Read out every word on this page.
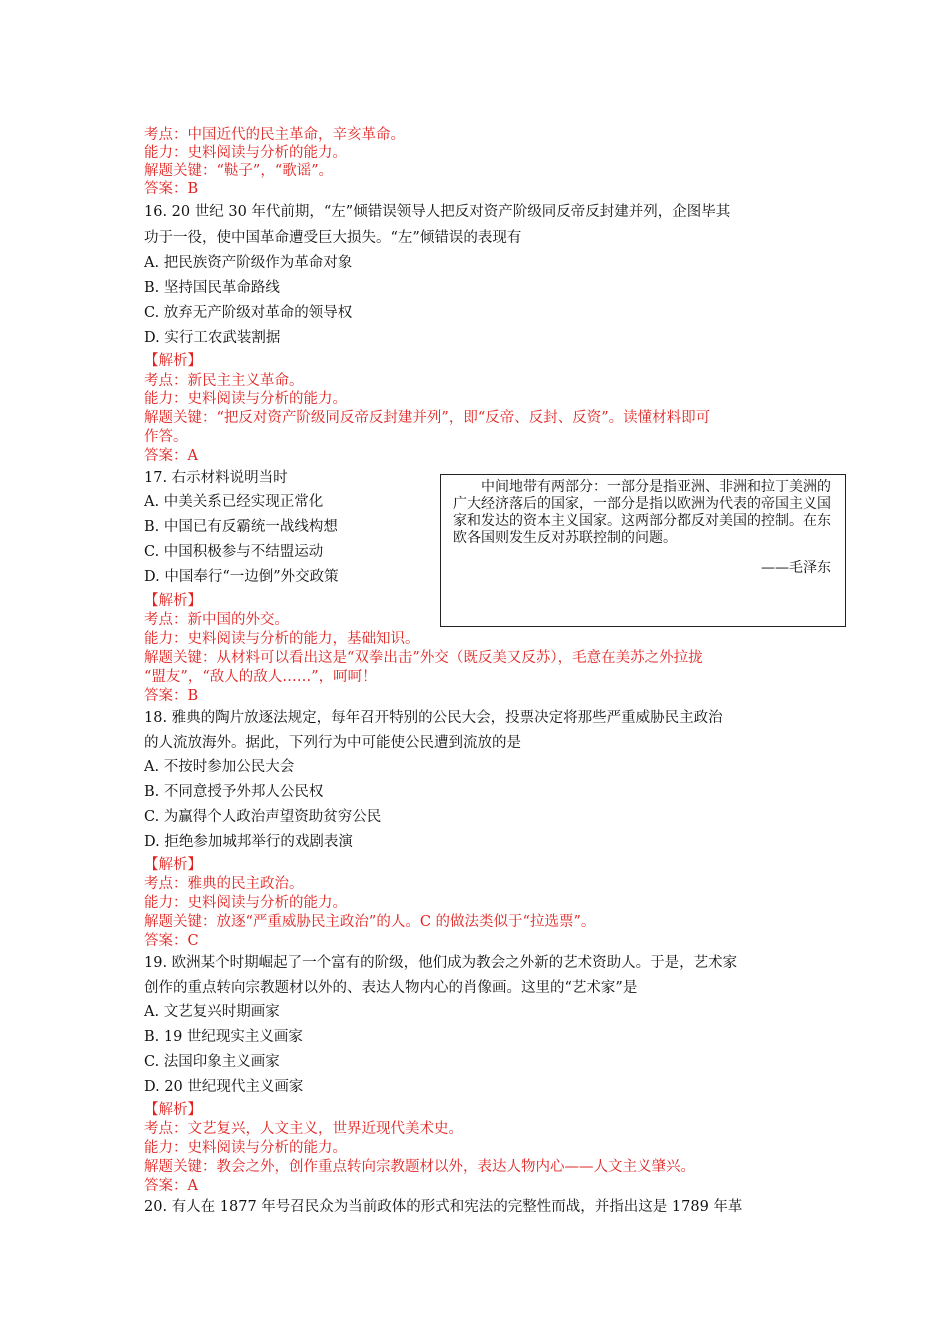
考点：中国近代的民主革命，辛亥革命。
能力：史料阅读与分析的能力。
解题关键：“鞑子”，“歌谣”。
答案：B
16. 20 世纪 30 年代前期，“左”倾错误领导人把反对资产阶级同反帝反封建并列，企图毕其
功于一役，使中国革命遭受巨大损失。“左”倾错误的表现有
A. 把民族资产阶级作为革命对象
B. 坚持国民革命路线
C. 放弃无产阶级对革命的领导权
D. 实行工农武装割据
【解析】
考点：新民主主义革命。
能力：史料阅读与分析的能力。
解题关键：“把反对资产阶级同反帝反封建并列”，即“反帝、反封、反资”。读懂材料即可
作答。
答案：A
17. 右示材料说明当时
A. 中美关系已经实现正常化
B. 中国已有反霸统一战线构想
C. 中国积极参与不结盟运动
D. 中国奉行“一边倒”外交政策
　　中间地带有两部分：一部分是指亚洲、非洲和拉丁美洲的广大经济落后的国家，一部分是指以欧洲为代表的帝国主义国家和发达的资本主义国家。这两部分都反对美国的控制。在东欧各国则发生反对苏联控制的问题。
——毛泽东
【解析】
考点：新中国的外交。
能力：史料阅读与分析的能力，基础知识。
解题关键：从材料可以看出这是“双拳出击”外交（既反美又反苏），毛意在美苏之外拉拢
“盟友”，“敌人的敌人……”，呵呵！
答案：B
18. 雅典的陶片放逐法规定，每年召开特别的公民大会，投票决定将那些严重威胁民主政治
的人流放海外。据此，下列行为中可能使公民遭到流放的是
A. 不按时参加公民大会
B. 不同意授予外邦人公民权
C. 为赢得个人政治声望资助贫穷公民
D. 拒绝参加城邦举行的戏剧表演
【解析】
考点：雅典的民主政治。
能力：史料阅读与分析的能力。
解题关键：放逐“严重威胁民主政治”的人。C 的做法类似于“拉选票”。
答案：C
19. 欧洲某个时期崛起了一个富有的阶级，他们成为教会之外新的艺术资助人。于是，艺术家
创作的重点转向宗教题材以外的、表达人物内心的肖像画。这里的“艺术家”是
A. 文艺复兴时期画家
B. 19 世纪现实主义画家
C. 法国印象主义画家
D. 20 世纪现代主义画家
【解析】
考点：文艺复兴，人文主义，世界近现代美术史。
能力：史料阅读与分析的能力。
解题关键：教会之外，创作重点转向宗教题材以外，表达人物内心——人文主义肇兴。
答案：A
20. 有人在 1877 年号召民众为当前政体的形式和宪法的完整性而战，并指出这是 1789 年革
